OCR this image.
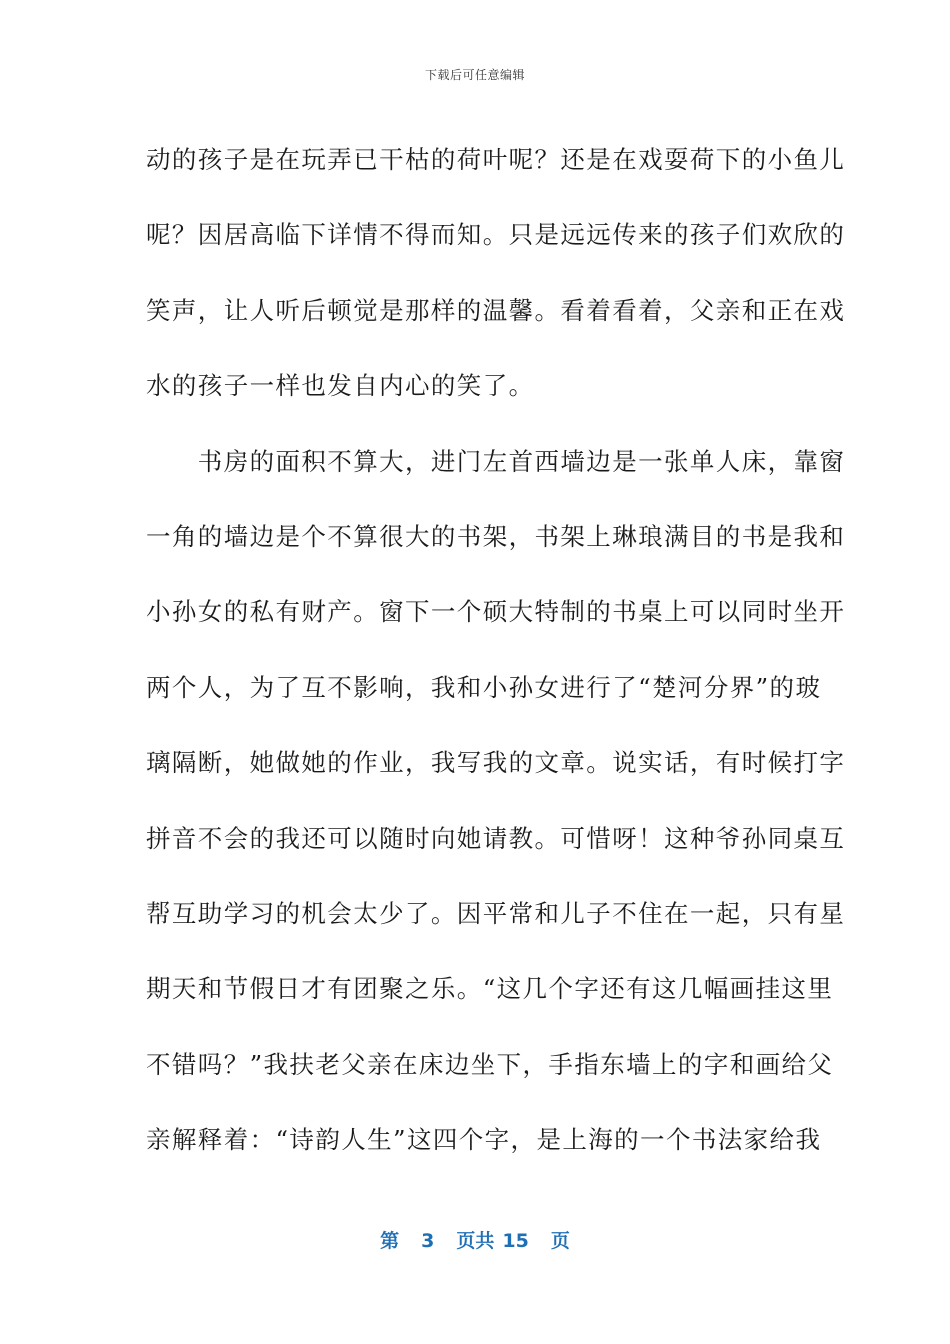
下载后可任意编辑

动的孩子是在玩弄已干枯的荷叶呢？还是在戏耍荷下的小鱼儿
呢？因居高临下详情不得而知。只是远远传来的孩子们欢欣的
笑声，让人听后顿觉是那样的温馨。看着看着，父亲和正在戏
水的孩子一样也发自内心的笑了。

　　书房的面积不算大，进门左首西墙边是一张单人床，靠窗
一角的墙边是个不算很大的书架，书架上琳琅满目的书是我和
小孙女的私有财产。窗下一个硕大特制的书桌上可以同时坐开
两个人，为了互不影响，我和小孙女进行了“楚河分界”的玻
璃隔断，她做她的作业，我写我的文章。说实话，有时候打字
拼音不会的我还可以随时向她请教。可惜呀！这种爷孙同桌互
帮互助学习的机会太少了。因平常和儿子不住在一起，只有星
期天和节假日才有团聚之乐。“这几个字还有这几幅画挂这里
不错吗？”我扶老父亲在床边坐下，手指东墙上的字和画给父
亲解释着：“诗韵人生”这四个字，是上海的一个书法家给我

第 3 页共 15 页
